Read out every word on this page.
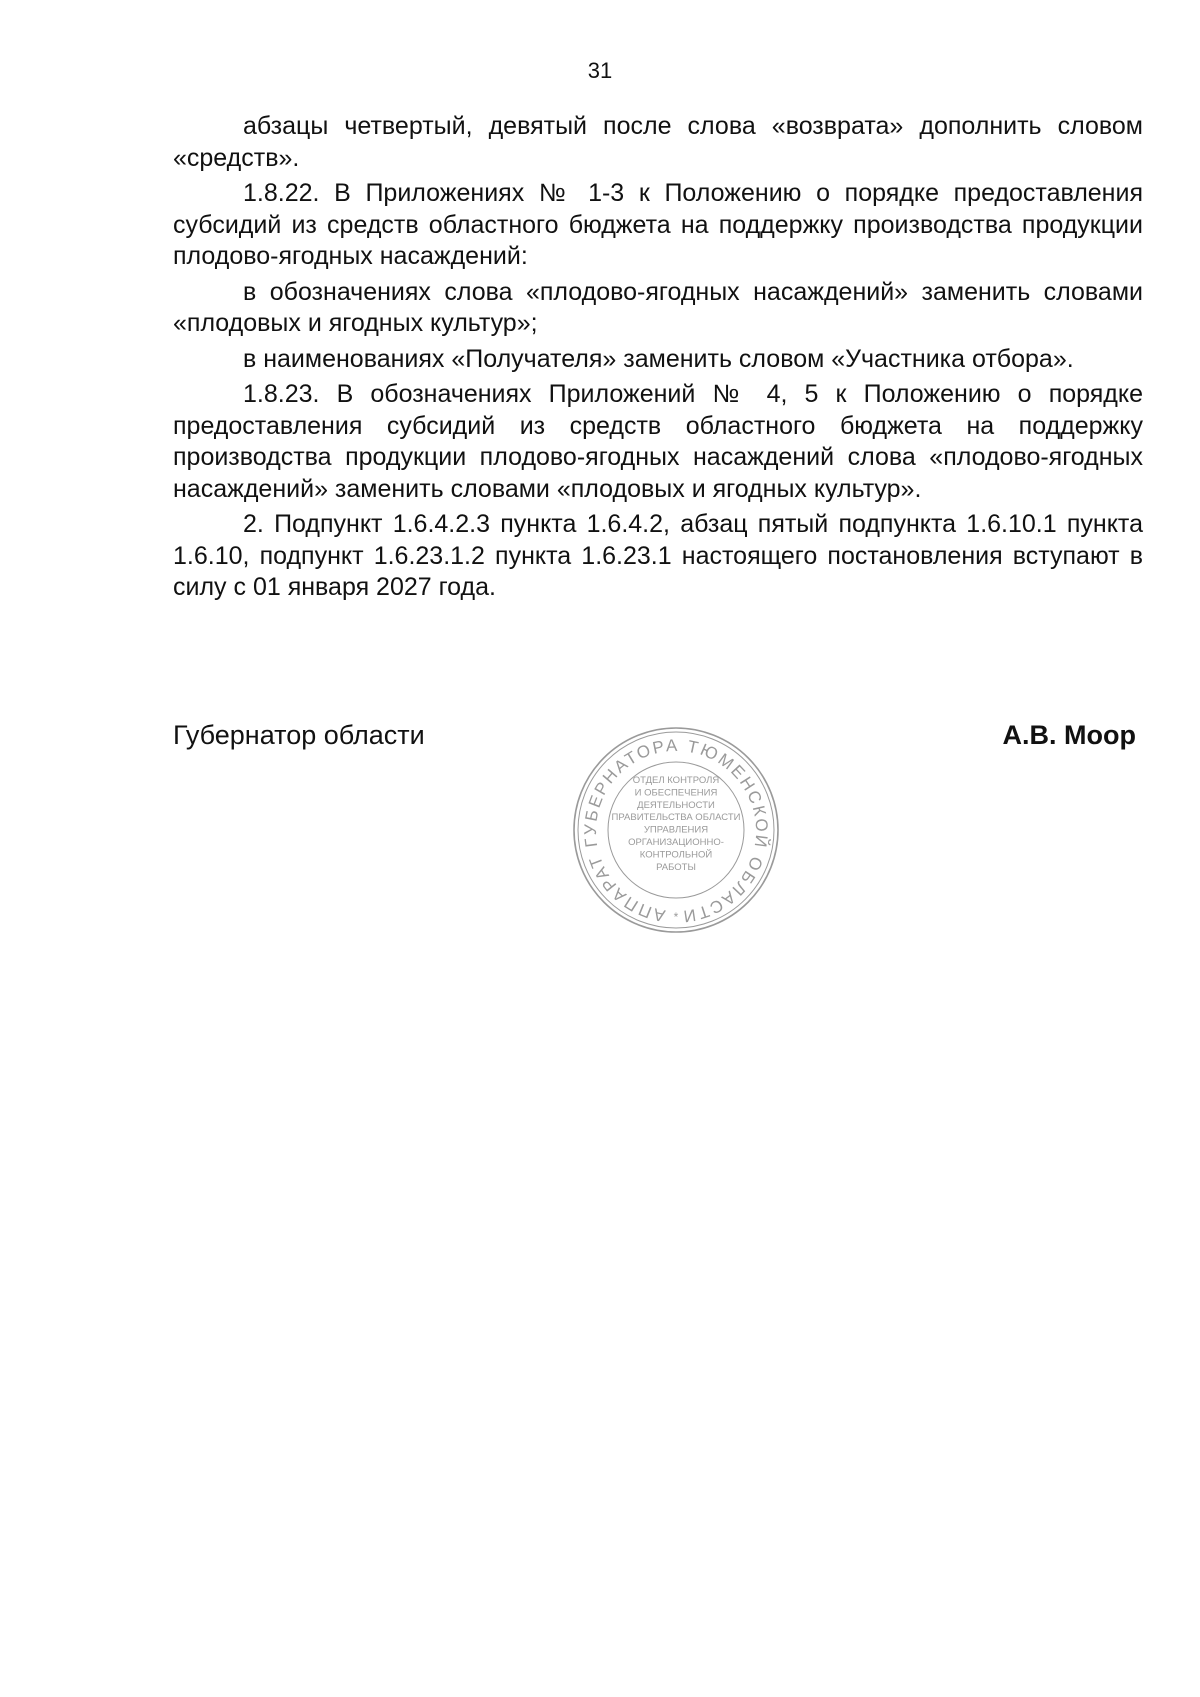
31

абзацы четвертый, девятый после слова «возврата» дополнить словом «средств».

1.8.22. В Приложениях № 1-3 к Положению о порядке предоставления субсидий из средств областного бюджета на поддержку производства продукции плодово-ягодных насаждений:

в обозначениях слова «плодово-ягодных насаждений» заменить словами «плодовых и ягодных культур»;

в наименованиях «Получателя» заменить словом «Участника отбора».

1.8.23. В обозначениях Приложений № 4, 5 к Положению о порядке предоставления субсидий из средств областного бюджета на поддержку производства продукции плодово-ягодных насаждений слова «плодово-ягодных насаждений» заменить словами «плодовых и ягодных культур».

2. Подпункт 1.6.4.2.3 пункта 1.6.4.2, абзац пятый подпункта 1.6.10.1 пункта 1.6.10, подпункт 1.6.23.1.2 пункта 1.6.23.1 настоящего постановления вступают в силу с 01 января 2027 года.

Губернатор области	А.В. Моор
АППАРАТ ГУБЕРНАТОРА ТЮМЕНСКОЙ ОБЛАСТИ
*
ОТДЕЛ КОНТРОЛЯ
И ОБЕСПЕЧЕНИЯ
ДЕЯТЕЛЬНОСТИ
ПРАВИТЕЛЬСТВА ОБЛАСТИ
УПРАВЛЕНИЯ
ОРГАНИЗАЦИОННО-
КОНТРОЛЬНОЙ
РАБОТЫ
